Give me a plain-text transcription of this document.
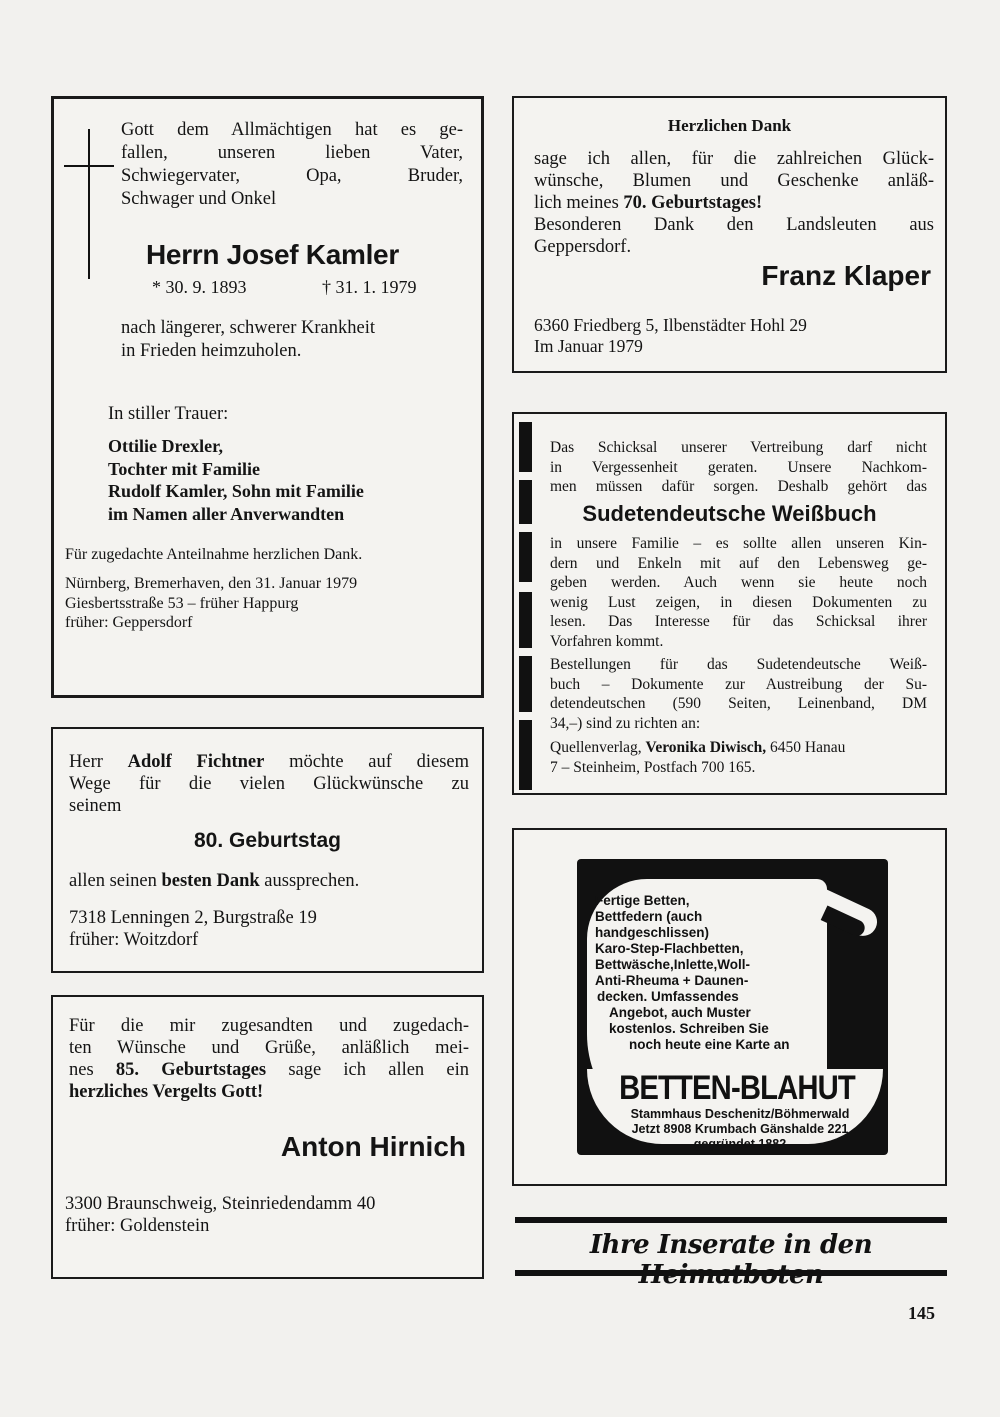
Gott dem Allmächtigen hat es ge-
fallen, unseren lieben Vater,
Schwiegervater, Opa, Bruder,
Schwager und Onkel
Herrn Josef Kamler
* 30. 9. 1893	† 31. 1. 1979
nach längerer, schwerer Krankheit
in Frieden heimzuholen.
In stiller Trauer:
Ottilie Drexler,
Tochter mit Familie
Rudolf Kamler, Sohn mit Familie
im Namen aller Anverwandten
Für zugedachte Anteilnahme herzlichen Dank.
Nürnberg, Bremerhaven, den 31. Januar 1979
Giesbertsstraße 53 – früher Happurg
früher: Geppersdorf
Herzlichen Dank
sage ich allen, für die zahlreichen Glück-
wünsche, Blumen und Geschenke anläß-
lich meines 70. Geburtstages!
Besonderen Dank den Landsleuten aus
Geppersdorf.
Franz Klaper
6360 Friedberg 5, Ilbenstädter Hohl 29
Im Januar 1979
Das Schicksal unserer Vertreibung darf nicht
in Vergessenheit geraten. Unsere Nachkom-
men müssen dafür sorgen. Deshalb gehört das
Sudetendeutsche Weißbuch
in unsere Familie – es sollte allen unseren Kin-
dern und Enkeln mit auf den Lebensweg ge-
geben werden. Auch wenn sie heute noch
wenig Lust zeigen, in diesen Dokumenten zu
lesen. Das Interesse für das Schicksal ihrer
Vorfahren kommt.
Bestellungen für das Sudetendeutsche Weiß-
buch – Dokumente zur Austreibung der Su-
detendeutschen (590 Seiten, Leinenband, DM
34,–) sind zu richten an:
Quellenverlag, Veronika Diwisch, 6450 Hanau
7 – Steinheim, Postfach 700 165.
Herr Adolf Fichtner möchte auf diesem
Wege für die vielen Glückwünsche zu
seinem
80. Geburtstag
allen seinen besten Dank aussprechen.
7318 Lenningen 2, Burgstraße 19
früher: Woitzdorf
Für die mir zugesandten und zugedach-
ten Wünsche und Grüße, anläßlich mei-
nes 85. Geburtstages sage ich allen ein
herzliches Vergelts Gott!
Anton Hirnich
3300 Braunschweig, Steinriedendamm 40
früher: Goldenstein
Fertige Betten,
Bettfedern (auch
handgeschlissen)
Karo-Step-Flachbetten,
Bettwäsche,Inlette,Woll-
Anti-Rheuma + Daunen-
decken. Umfassendes
Angebot, auch Muster
kostenlos. Schreiben Sie
noch heute eine Karte an
BETTEN-BLAHUT
Stammhaus Deschenitz/Böhmerwald
Jetzt 8908 Krumbach Gänshalde 221
gegründet 1882
Ihre Inserate in den
145
